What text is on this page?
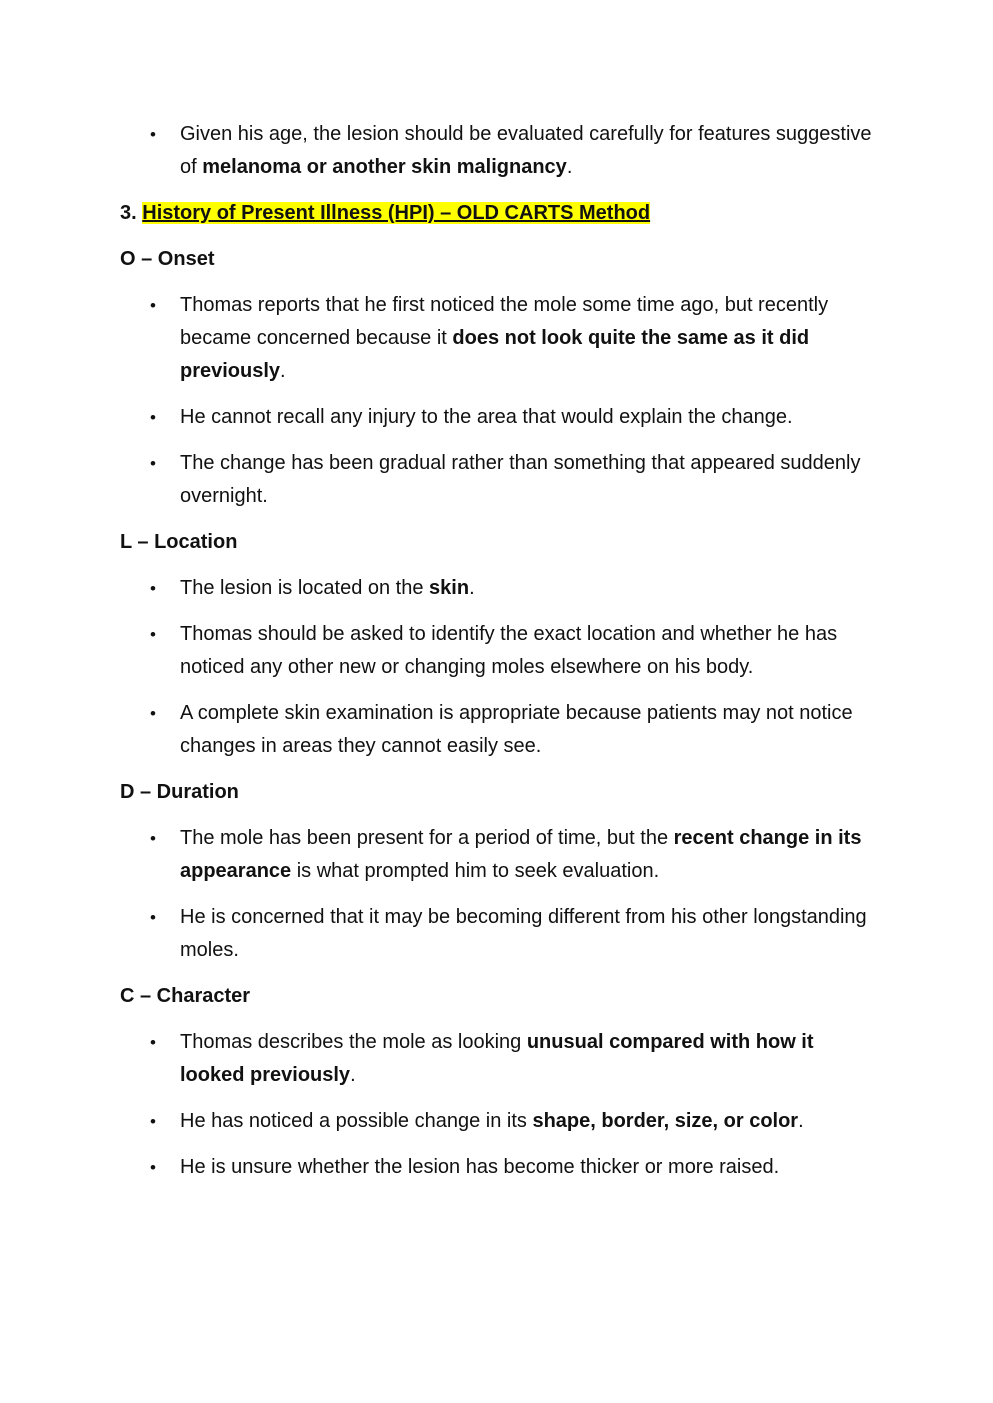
• Given his age, the lesion should be evaluated carefully for features suggestive of melanoma or another skin malignancy.
3. History of Present Illness (HPI) – OLD CARTS Method
O – Onset
• Thomas reports that he first noticed the mole some time ago, but recently became concerned because it does not look quite the same as it did previously.
• He cannot recall any injury to the area that would explain the change.
• The change has been gradual rather than something that appeared suddenly overnight.
L – Location
• The lesion is located on the skin.
• Thomas should be asked to identify the exact location and whether he has noticed any other new or changing moles elsewhere on his body.
• A complete skin examination is appropriate because patients may not notice changes in areas they cannot easily see.
D – Duration
• The mole has been present for a period of time, but the recent change in its appearance is what prompted him to seek evaluation.
• He is concerned that it may be becoming different from his other longstanding moles.
C – Character
• Thomas describes the mole as looking unusual compared with how it looked previously.
• He has noticed a possible change in its shape, border, size, or color.
• He is unsure whether the lesion has become thicker or more raised.
